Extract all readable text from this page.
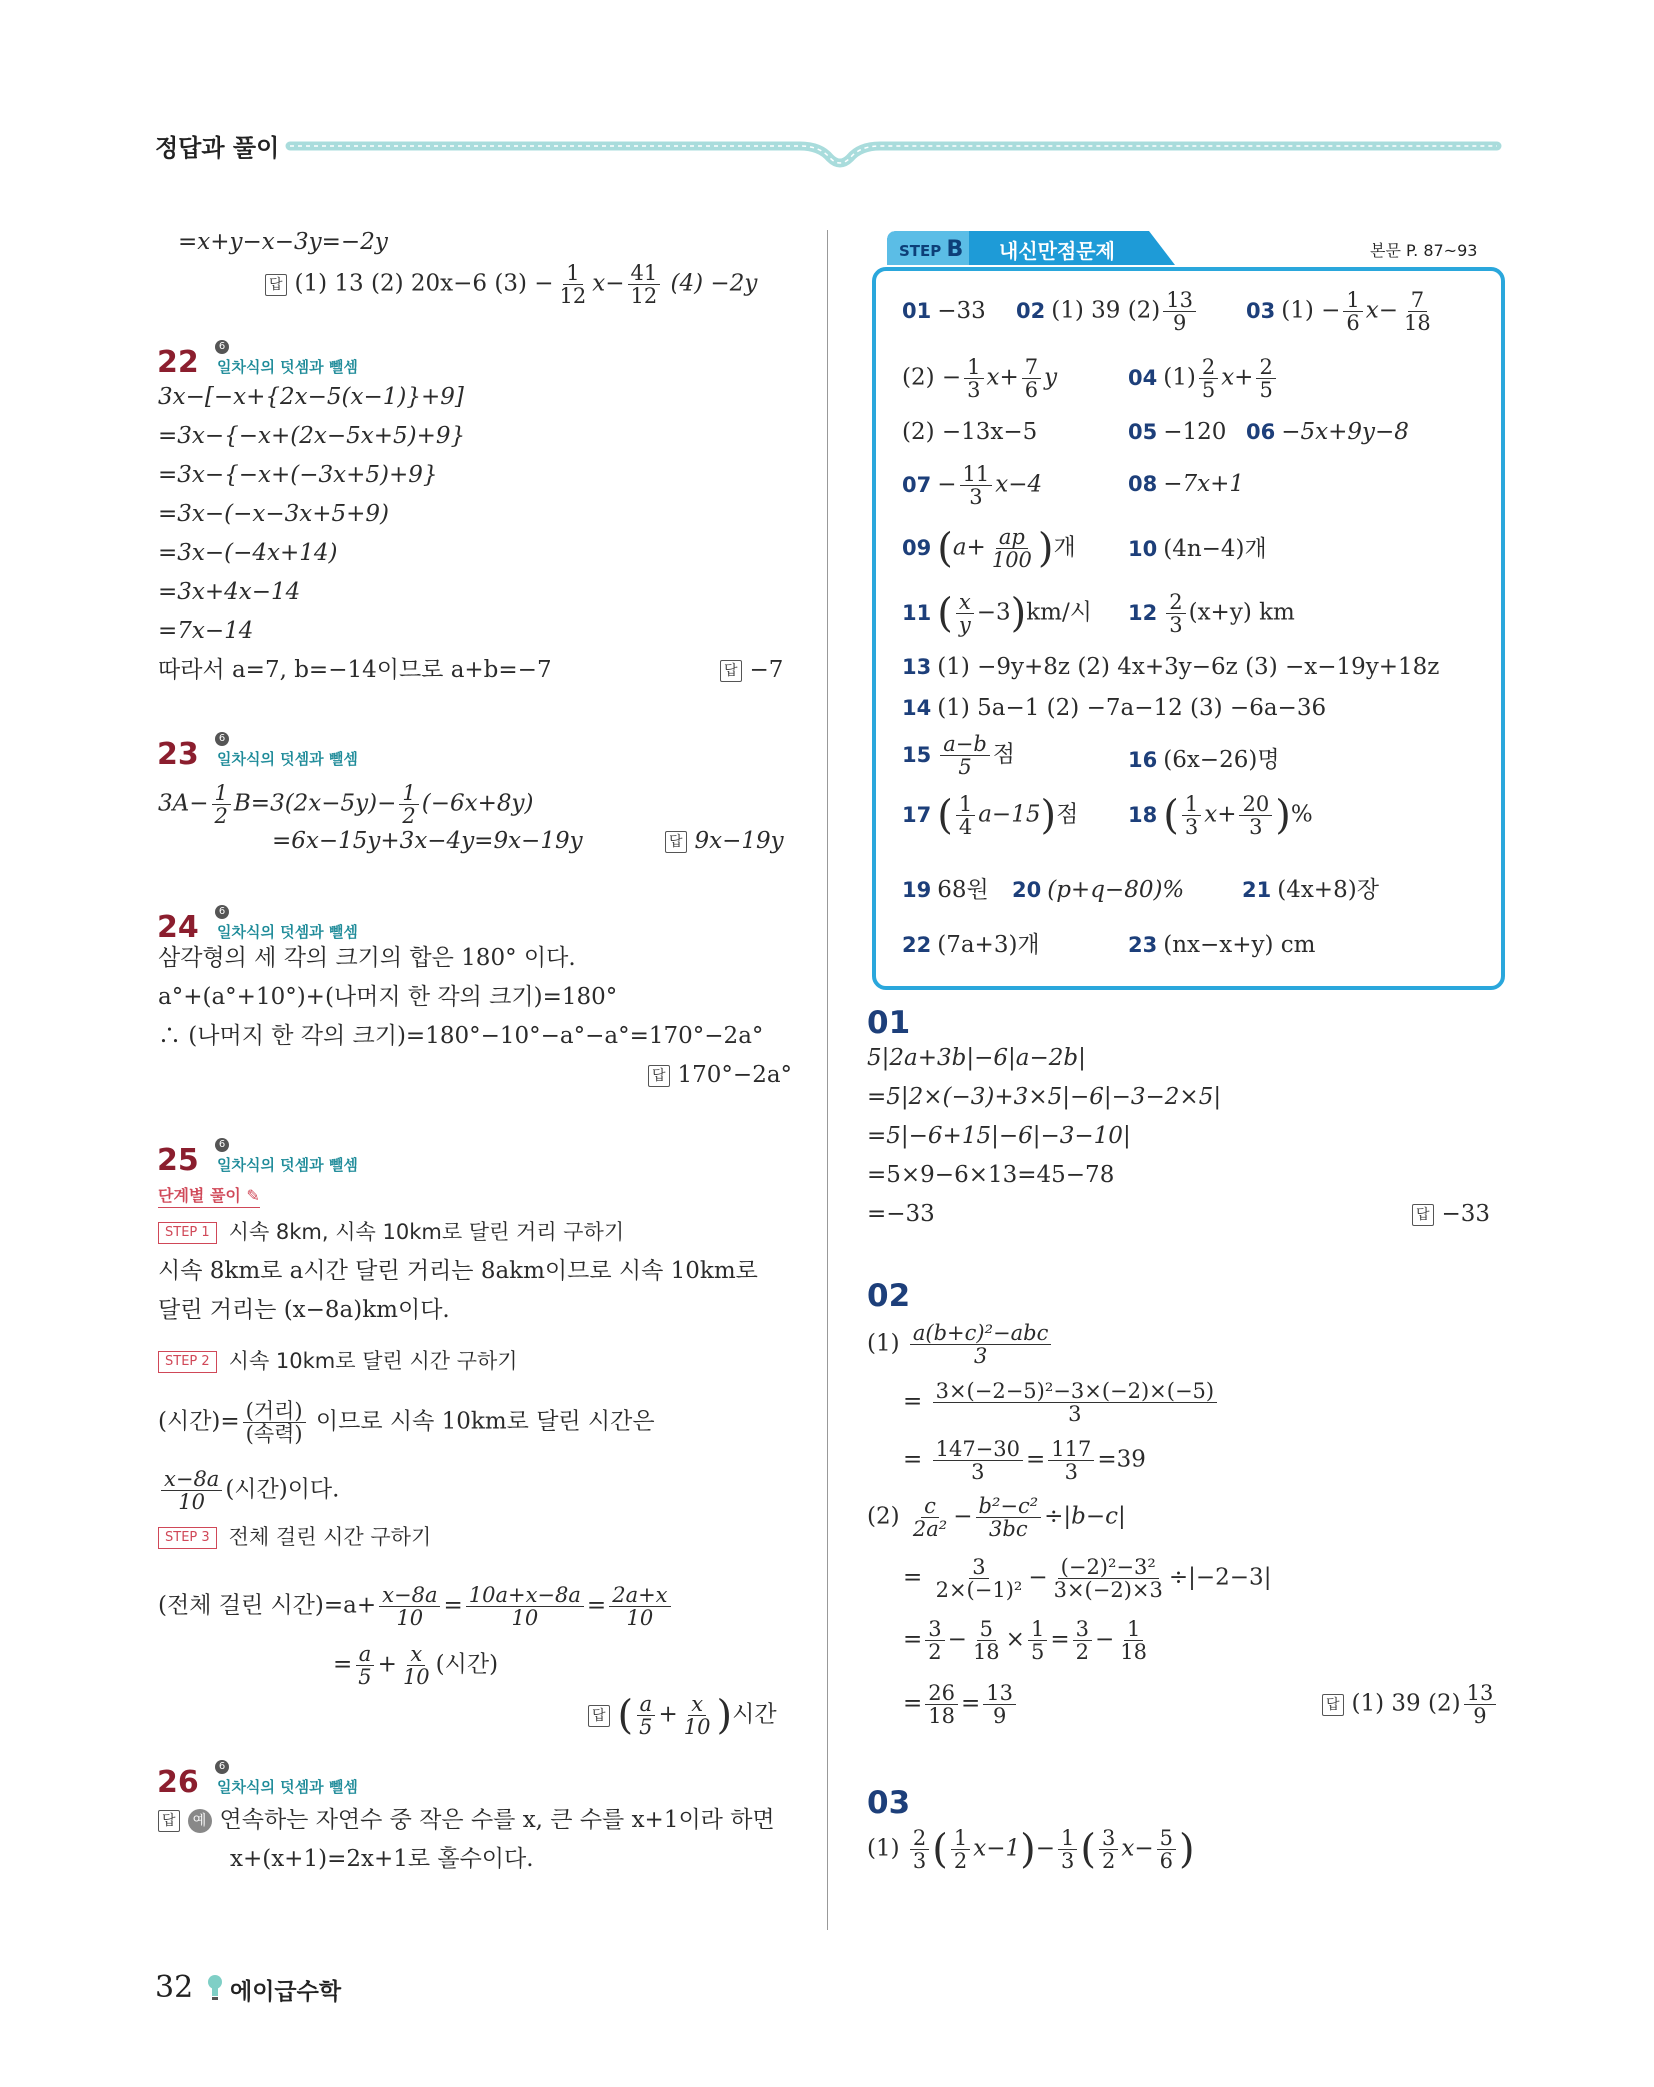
정답과 풀이
=x+y−x−3y=−2y
답 (1) 13 (2) 20x−6 $(3) - \frac{1}{12} x- \frac{41}{12} (4) -2y$
22	6
일차식의 덧셈과 뺄셈
3x−[−x+{2x−5(x−1)}+9]
=3x−{−x+(2x−5x+5)+9}
=3x−{−x+(−3x+5)+9}
=3x−(−x−3x+5+9)
=3x−(−4x+14)
=3x+4x−14
=7x−14
따라서 a=7, b=−14이므로 a+b=−7	답 −7
23	6
일차식의 덧셈과 뺄셈
$3A- \frac{1}{2} B=3(2x-5y)- \frac{1}{2} (-6x+8y)$
=6x−15y+3x−4y=9x−19y	답 9x−19y
24	6
일차식의 덧셈과 뺄셈
삼각형의 세 각의 크기의 합은 180° 이다.
a°+(a°+10°)+(나머지 한 각의 크기)=180°
∴ (나머지 한 각의 크기)=180°−10°−a°−a°=170°−2a°
답 170°−2a°
25	6
일차식의 덧셈과 뺄셈
단계별 풀이 ✎
STEP 1 시속 8km, 시속 10km로 달린 거리 구하기
시속 8km로 a시간 달린 거리는 8akm이므로 시속 10km로
달린 거리는 (x−8a)km이다.
STEP 2 시속 10km로 달린 시간 구하기
(시간)= $\frac{\text{(거리)}}{\text{(속력)}}$ 이므로 시속 10km로 달린 시간은
$\frac{x-8a}{10}$ (시간)이다.
STEP 3 전체 걸린 시간 구하기
(전체 걸린 시간)$=a+ \frac{x-8a}{10} = \frac{10a+x-8a}{10} = \frac{2a+x}{10}$
= $\frac{a}{5} + \frac{x}{10}$ (시간)
답 ( $\frac{a}{5} + \frac{x}{10}$ )시간
26	6
일차식의 덧셈과 뺄셈
답 예 연속하는 자연수 중 작은 수를 x, 큰 수를 x+1이라 하면
x+(x+1)=2x+1로 홀수이다.
32 에이급수학
STEP B 내신만점문제	본문 P. 87~93
01 −33 02 (1) 39 $(2) \frac{13}{9} 03$ $(1) - \frac{1}{6} x- \frac{7}{18}$
$(2) - \frac{1}{3} x+ \frac{7}{6}$ y	04 $(1) \frac{2}{5} x+ \frac{2}{5}$
(2) −13x−5	05 −120 06 −5x+9y−8
$07 - \frac{11}{3} x-4$	08 −7x+1
09 ($a+ \frac{ap}{100}$ )개 10 (4n−4)개
11 ( $\frac{x}{y} -3)km/$시 $12 \frac{2}{3} (x+y)$ km
13 (1) −9y+8z (2) 4x+3y−6z (3) −x−19y+18z
14 (1) 5a−1 (2) −7a−12 (3) −6a−36
$15 \frac{a-b}{5}$ 점	16 (6x−26)명
17 ( $\frac{1}{4} a-15$)점 18 ( $\frac{1}{3} x+ \frac{20}{3}$ )%
19 68원 20 (p+q−80)%	21 (4x+8)장
22 (7a+3)개	23 (nx−x+y) cm
01
5|2a+3b|−6|a−2b|
=5|2×(−3)+3×5|−6|−3−2×5|
=5|−6+15|−6|−3−10|
=5×9−6×13=45−78
=−33	답 −33
02
$(1) \frac{\text{a(b+c)²−abc}}{3}$
= $\frac{\text{3×(−2−5)²−3×(−2)×(−5)}}{3}$
= $\frac{147-30}{3} = \frac{117}{3} =39$
$(2) \frac{c}{\text{2a²}} - \frac{\text{b²−c²}}{3bc} \div|b-c|$
= $\frac{3}{\text{2×(−1)²}} - \frac{\text{(−2)²−3²}}{3\times(-2)\times 3} \div|-2-3|$
= $\frac{3}{2} - \frac{5}{18} \times \frac{1}{5} = \frac{3}{2} - \frac{1}{18}$
= $\frac{26}{18} = \frac{13}{9}$	답 (1) 39 $(2) \frac{13}{9}$
03
$(1) \frac{2}{3}$ ( $\frac{1}{2} x-1)- \frac{1}{3}$ ( $\frac{3}{2} x- \frac{5}{6}$ )
